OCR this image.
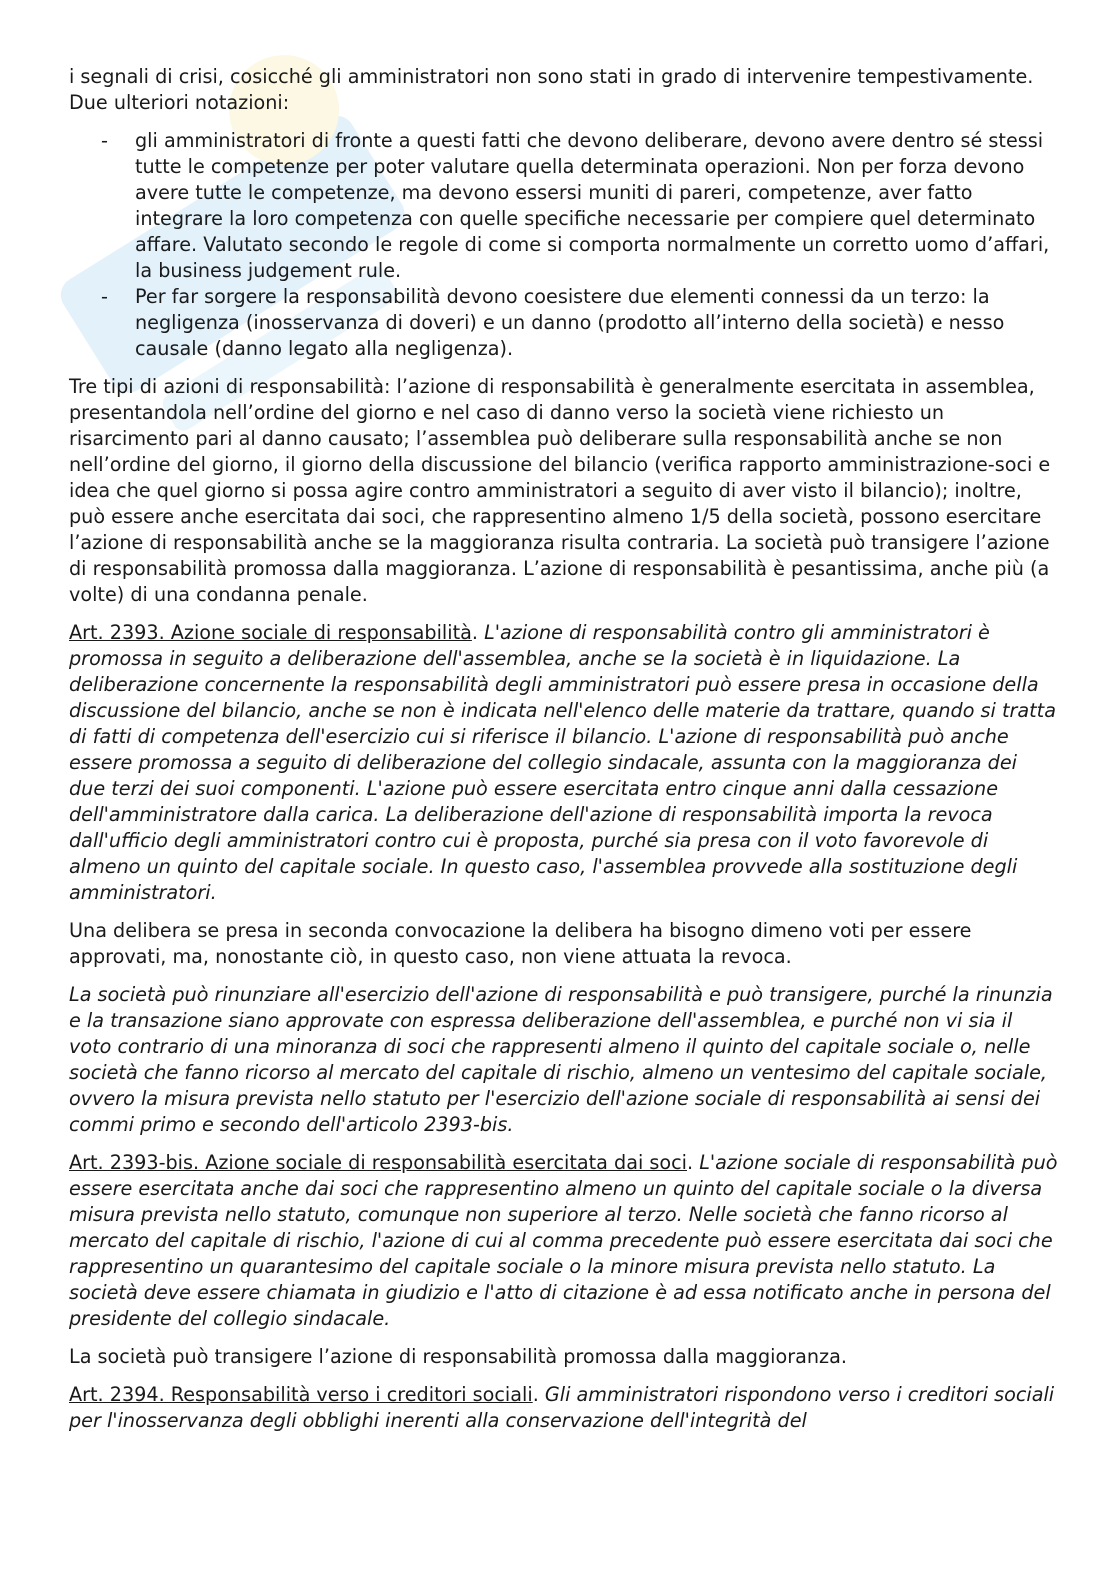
i segnali di crisi, cosicché gli amministratori non sono stati in grado di intervenire tempestivamente. Due ulteriori notazioni:

- gli amministratori di fronte a questi fatti che devono deliberare, devono avere dentro sé stessi tutte le competenze per poter valutare quella determinata operazioni. Non per forza devono avere tutte le competenze, ma devono essersi muniti di pareri, competenze, aver fatto integrare la loro competenza con quelle specifiche necessarie per compiere quel determinato affare. Valutato secondo le regole di come si comporta normalmente un corretto uomo d’affari, la business judgement rule.
- Per far sorgere la responsabilità devono coesistere due elementi connessi da un terzo: la negligenza (inosservanza di doveri) e un danno (prodotto all’interno della società) e nesso causale (danno legato alla negligenza).

Tre tipi di azioni di responsabilità: l’azione di responsabilità è generalmente esercitata in assemblea, presentandola nell’ordine del giorno e nel caso di danno verso la società viene richiesto un risarcimento pari al danno causato; l’assemblea può deliberare sulla responsabilità anche se non nell’ordine del giorno, il giorno della discussione del bilancio (verifica rapporto amministrazione-soci e idea che quel giorno si possa agire contro amministratori a seguito di aver visto il bilancio); inoltre, può essere anche esercitata dai soci, che rappresentino almeno 1/5 della società, possono esercitare l’azione di responsabilità anche se la maggioranza risulta contraria. La società può transigere l’azione di responsabilità promossa dalla maggioranza. L’azione di responsabilità è pesantissima, anche più (a volte) di una condanna penale.

Art. 2393. Azione sociale di responsabilità. L'azione di responsabilità contro gli amministratori è promossa in seguito a deliberazione dell'assemblea, anche se la società è in liquidazione. La deliberazione concernente la responsabilità degli amministratori può essere presa in occasione della discussione del bilancio, anche se non è indicata nell'elenco delle materie da trattare, quando si tratta di fatti di competenza dell'esercizio cui si riferisce il bilancio. L'azione di responsabilità può anche essere promossa a seguito di deliberazione del collegio sindacale, assunta con la maggioranza dei due terzi dei suoi componenti. L'azione può essere esercitata entro cinque anni dalla cessazione dell'amministratore dalla carica. La deliberazione dell'azione di responsabilità importa la revoca dall'ufficio degli amministratori contro cui è proposta, purché sia presa con il voto favorevole di almeno un quinto del capitale sociale. In questo caso, l'assemblea provvede alla sostituzione degli amministratori.

Una delibera se presa in seconda convocazione la delibera ha bisogno dimeno voti per essere approvati, ma, nonostante ciò, in questo caso, non viene attuata la revoca.

La società può rinunziare all'esercizio dell'azione di responsabilità e può transigere, purché la rinunzia e la transazione siano approvate con espressa deliberazione dell'assemblea, e purché non vi sia il voto contrario di una minoranza di soci che rappresenti almeno il quinto del capitale sociale o, nelle società che fanno ricorso al mercato del capitale di rischio, almeno un ventesimo del capitale sociale, ovvero la misura prevista nello statuto per l'esercizio dell'azione sociale di responsabilità ai sensi dei commi primo e secondo dell'articolo 2393-bis.

Art. 2393-bis. Azione sociale di responsabilità esercitata dai soci. L'azione sociale di responsabilità può essere esercitata anche dai soci che rappresentino almeno un quinto del capitale sociale o la diversa misura prevista nello statuto, comunque non superiore al terzo. Nelle società che fanno ricorso al mercato del capitale di rischio, l'azione di cui al comma precedente può essere esercitata dai soci che rappresentino un quarantesimo del capitale sociale o la minore misura prevista nello statuto. La società deve essere chiamata in giudizio e l'atto di citazione è ad essa notificato anche in persona del presidente del collegio sindacale.

La società può transigere l’azione di responsabilità promossa dalla maggioranza.

Art. 2394. Responsabilità verso i creditori sociali. Gli amministratori rispondono verso i creditori sociali per l'inosservanza degli obblighi inerenti alla conservazione dell'integrità del
